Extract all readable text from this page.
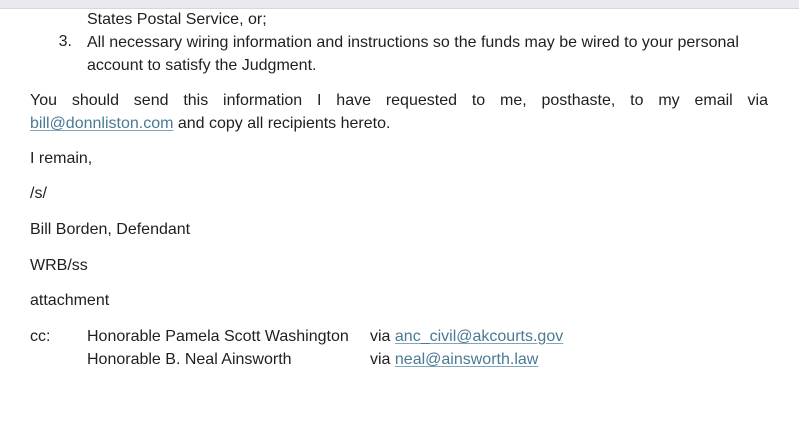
States Postal Service, or;
3. All necessary wiring information and instructions so the funds may be wired to your personal
account to satisfy the Judgment.
You should send this information I have requested to me, posthaste, to my email via
bill@donnliston.com and copy all recipients hereto.
I remain,
/s/
Bill Borden, Defendant
WRB/ss
attachment
cc: Honorable Pamela Scott Washington via anc_civil@akcourts.gov
Honorable B. Neal Ainsworth	via neal@ainsworth.law
